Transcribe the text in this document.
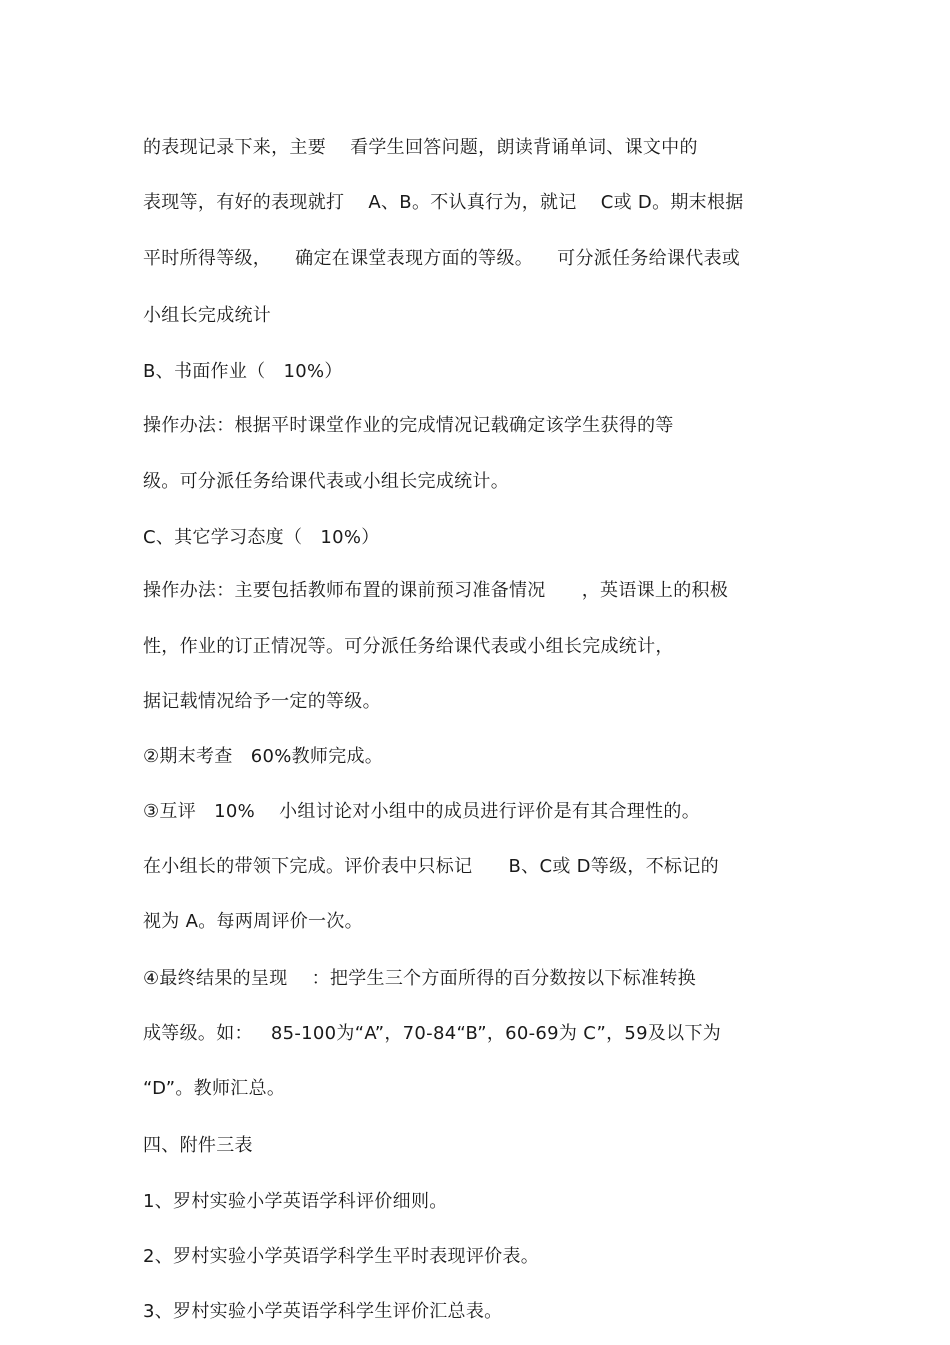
的表现记录下来，主要    看学生回答问题，朗读背诵单词、课文中的
表现等，有好的表现就打    A、B。不认真行为，就记    C或 D。期末根据
平时所得等级，    确定在课堂表现方面的等级。    可分派任务给课代表或
小组长完成统计
B、书面作业（   10%）
操作办法：根据平时课堂作业的完成情况记载确定该学生获得的等
级。可分派任务给课代表或小组长完成统计。
C、其它学习态度（   10%）
操作办法：主要包括教师布置的课前预习准备情况      ，英语课上的积极
性，作业的订正情况等。可分派任务给课代表或小组长完成统计，
据记载情况给予一定的等级。
②期末考查   60%教师完成。
③互评   10%    小组讨论对小组中的成员进行评价是有其合理性的。
在小组长的带领下完成。评价表中只标记      B、C或 D等级，不标记的
视为 A。每两周评价一次。
④最终结果的呈现    ：把学生三个方面所得的百分数按以下标准转换
成等级。如：   85-100为“A”，70-84“B”，60-69为 C”，59及以下为
“D”。教师汇总。
四、附件三表
1、罗村实验小学英语学科评价细则。
2、罗村实验小学英语学科学生平时表现评价表。
3、罗村实验小学英语学科学生评价汇总表。
